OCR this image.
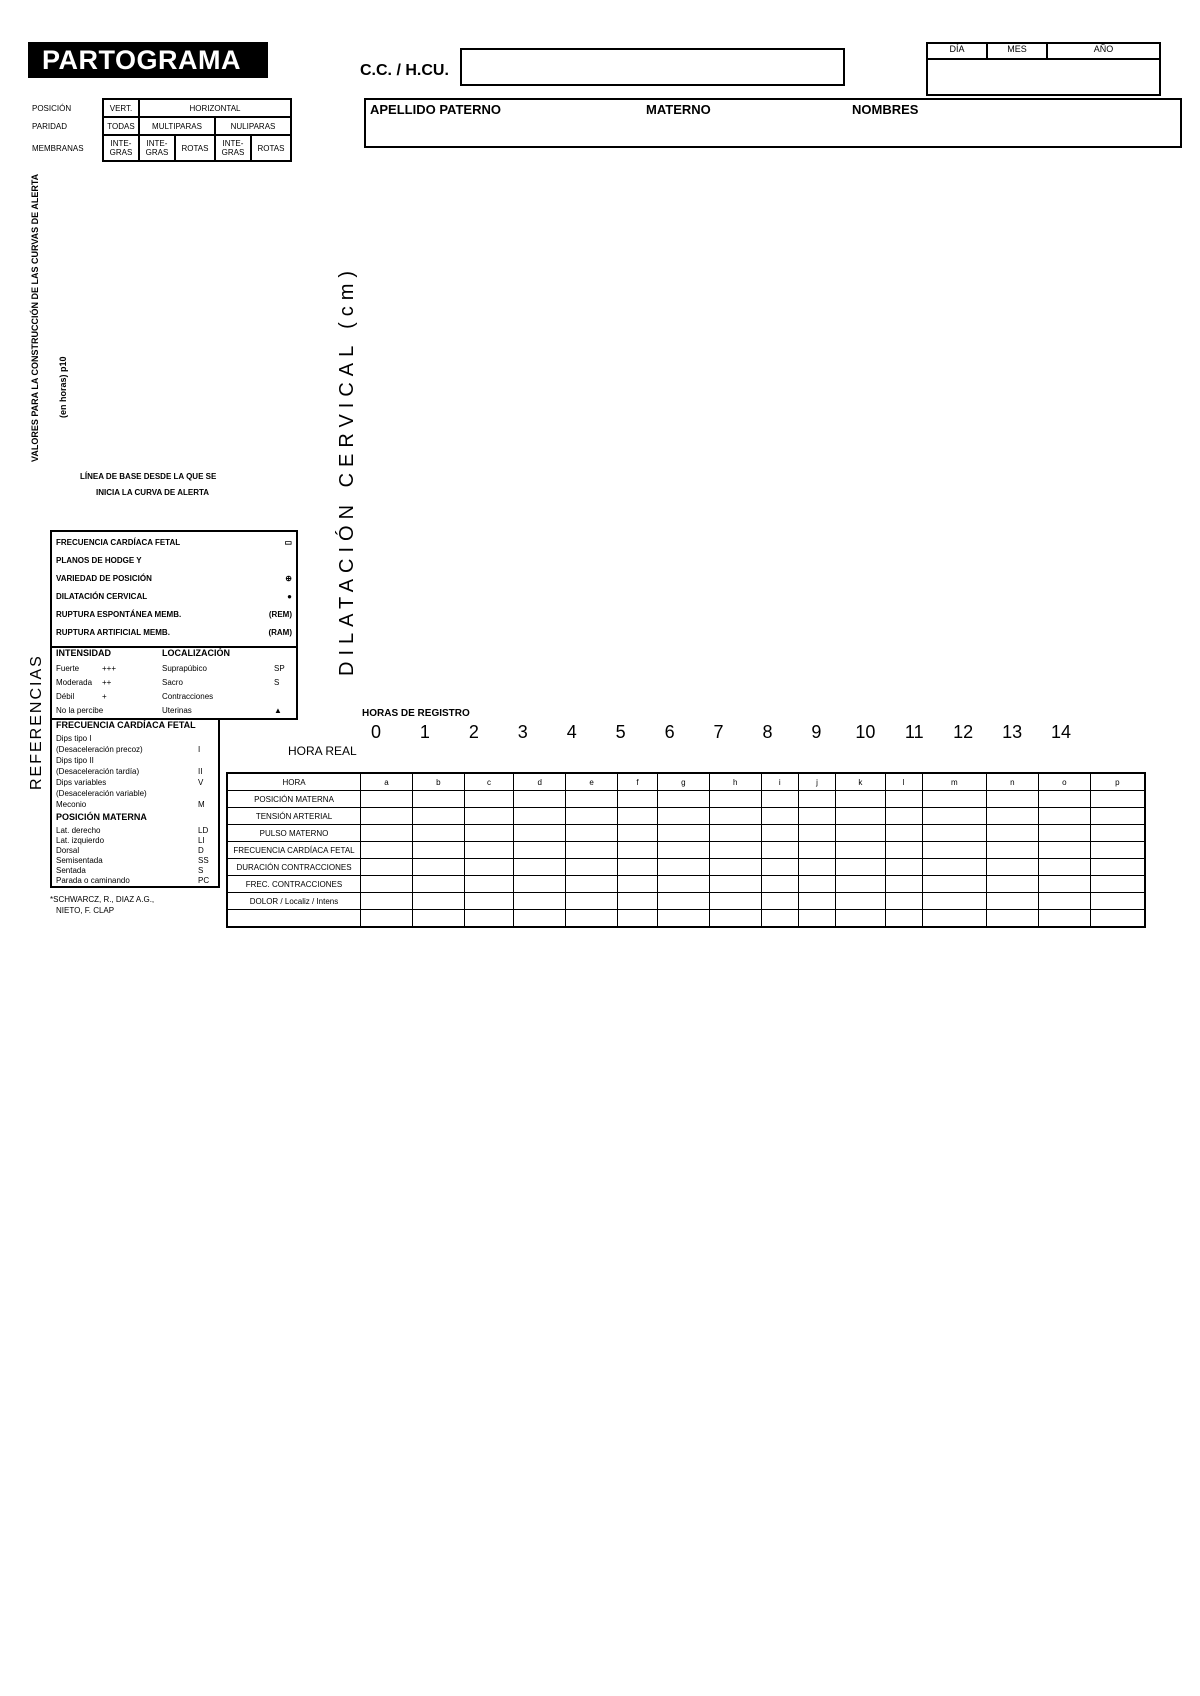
PARTOGRAMA	C.C. / H.CU.
DÍA	MES	AÑO
APELLIDO PATERNO	MATERNO	NOMBRES
POSICIÓN	VERT.	HORIZONTAL			
PARIDAD	TODAS	MULTIPARAS		NULIPARAS	
MEMBRANAS	INTE-GRAS	INTE-GRAS	ROTAS	INTE-GRAS	ROTAS
VALORES PARA LA CONSTRUCCIÓN DE LAS CURVAS DE ALERTA (en horas) p10
LÍNEA DE BASE DESDE LA QUE SE
INICIA LA CURVA DE ALERTA
0 1 2 3 4 5 6 7 8 9 10 11 12 13 14
DILATACIÓN CERVICAL (cm)
HORAS DE REGISTRO
HORA REAL
FRECUENCIA CARDÍACA FETAL	▭
PLANOS DE HODGE Y
VARIEDAD DE POSICIÓN	⊕
DILATACIÓN CERVICAL	●
RUPTURA ESPONTÁNEA MEMB.	(REM)
RUPTURA ARTIFICIAL MEMB.	(RAM)
INTENSIDAD	LOCALIZACIÓN
Fuerte	+++	Suprapúbico	SP
Moderada ++	Sacro	S
Débil	+	Contracciones
No la percibe	Uterinas	▲
REFERENCIAS FRECUENCIA CARDÍACA FETAL
Dips tipo I
(Desaceleración precoz)	I
Dips tipo II
(Desaceleración tardía)	II
Dips variables	V
(Desaceleración variable)
Meconio	M
POSICIÓN MATERNA
Lat. derecho	LD
Lat. izquierdo	LI
Dorsal	D
Semisentada	SS
Sentada	S
Parada o caminando	PC
*SCHWARCZ, R., DIAZ A.G.,
NIETO, F. CLAP
HORA	a	b	c	d	e	f	g	h	i	j	k	l	m	n	o	p
POSICIÓN MATERNA																
TENSIÓN ARTERIAL																
PULSO MATERNO																
FRECUENCIA CARDÍACA FETAL																
DURACIÓN CONTRACCIONES																
FREC. CONTRACCIONES																
DOLOR / Localiz / Intens																
